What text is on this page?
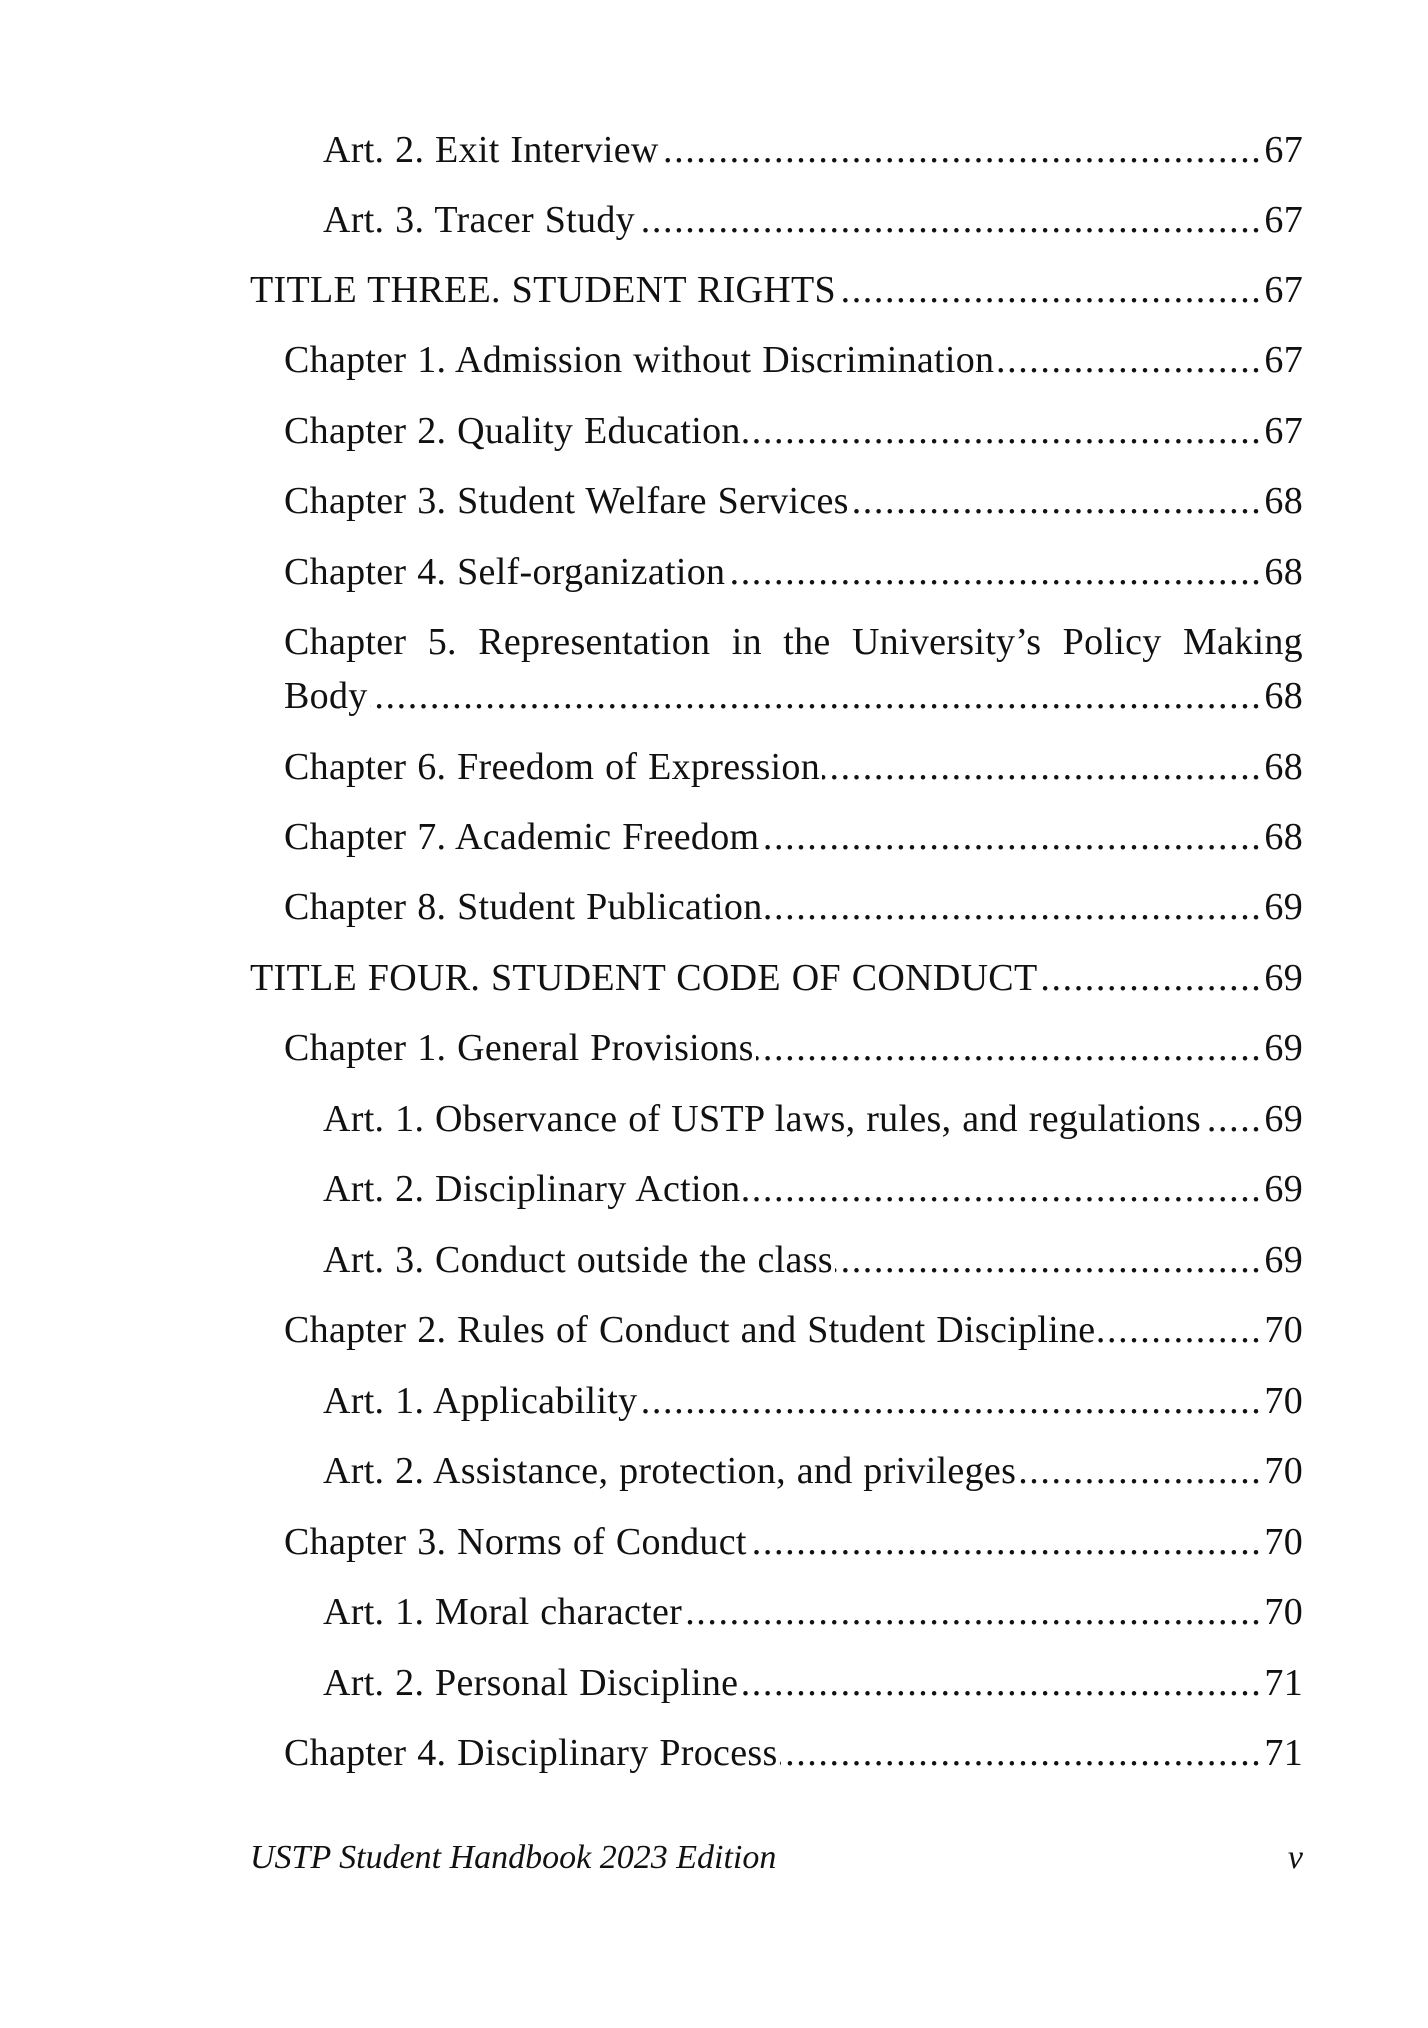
Art. 2. Exit Interview .....	67
Art. 3. Tracer Study .....	67
TITLE THREE. STUDENT RIGHTS .....	67
Chapter 1. Admission without Discrimination .....	67
Chapter 2. Quality Education .....	67
Chapter 3. Student Welfare Services .....	68
Chapter 4. Self-organization .....	68
Chapter 5. Representation in the University’s Policy Making
Body .....	68
Chapter 6. Freedom of Expression .....	68
Chapter 7. Academic Freedom .....	68
Chapter 8. Student Publication .....	69
TITLE FOUR. STUDENT CODE OF CONDUCT .....	69
Chapter 1. General Provisions .....	69
Art. 1. Observance of USTP laws, rules, and regulations ..... 69
Art. 2. Disciplinary Action .....	69
Art. 3. Conduct outside the class .....	69
Chapter 2. Rules of Conduct and Student Discipline .....	70
Art. 1. Applicability .....	70
Art. 2. Assistance, protection, and privileges .....	70
Chapter 3. Norms of Conduct .....	70
Art. 1. Moral character .....	70
Art. 2. Personal Discipline .....	71
Chapter 4. Disciplinary Process .....	71
USTP Student Handbook 2023 Edition	v
